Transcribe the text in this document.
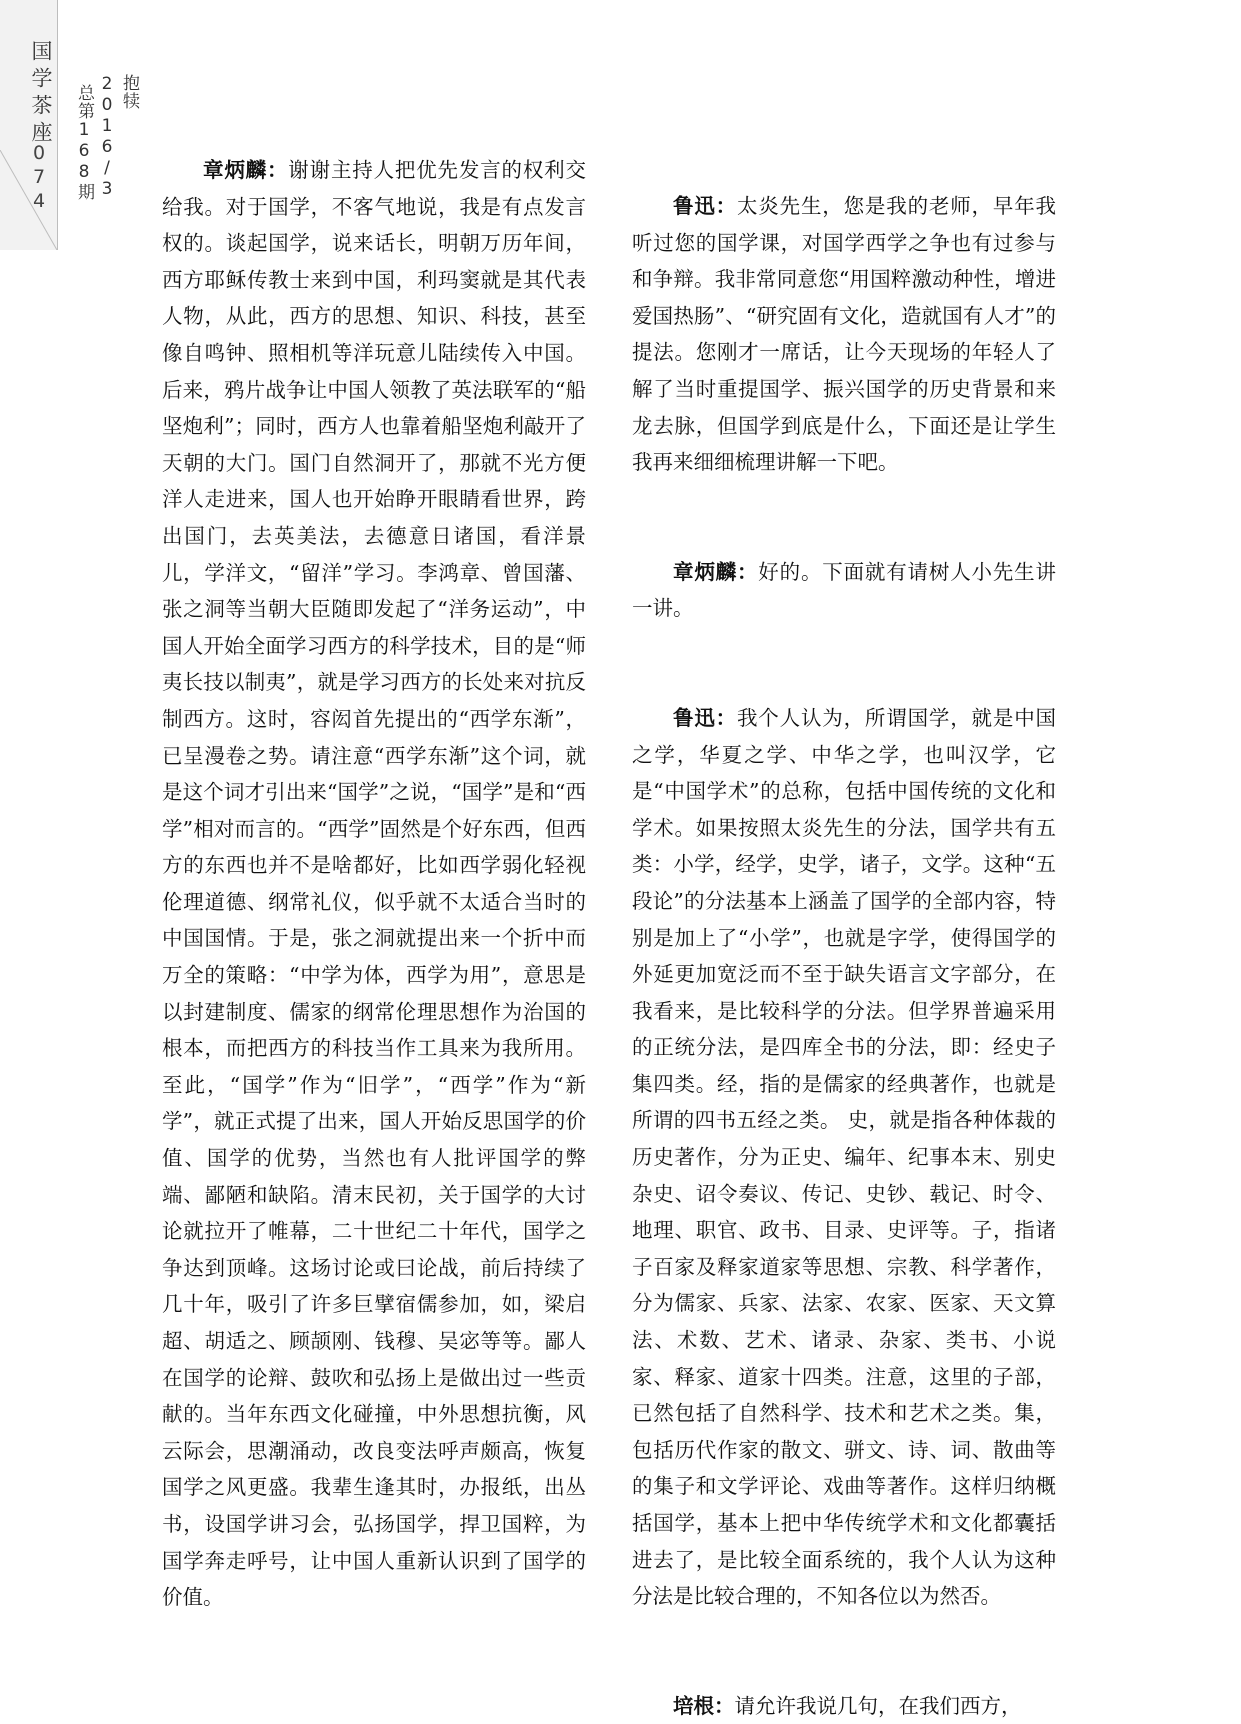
国学茶座
074
抱犊
2016/3
总第168期	章炳麟：谢谢主持人把优先发言的权利交给我。对于国学，不客气地说，我是有点发言权的。谈起国学，说来话长，明朝万历年间，西方耶稣传教士来到中国，利玛窦就是其代表人物，从此，西方的思想、知识、科技，甚至像自鸣钟、照相机等洋玩意儿陆续传入中国。后来，鸦片战争让中国人领教了英法联军的“船坚炮利”；同时，西方人也靠着船坚炮利敲开了天朝的大门。国门自然洞开了，那就不光方便洋人走进来，国人也开始睁开眼睛看世界，跨出国门，去英美法，去德意日诸国，看洋景儿，学洋文，“留洋”学习。李鸿章、曾国藩、张之洞等当朝大臣随即发起了“洋务运动”，中国人开始全面学习西方的科学技术，目的是“师夷长技以制夷”，就是学习西方的长处来对抗反制西方。这时，容闳首先提出的“西学东渐”，已呈漫卷之势。请注意“西学东渐”这个词，就是这个词才引出来“国学”之说，“国学”是和“西学”相对而言的。“西学”固然是个好东西，但西方的东西也并不是啥都好，比如西学弱化轻视伦理道德、纲常礼仪，似乎就不太适合当时的中国国情。于是，张之洞就提出来一个折中而万全的策略：“中学为体，西学为用”，意思是以封建制度、儒家的纲常伦理思想作为治国的根本，而把西方的科技当作工具来为我所用。至此，“国学”作为“旧学”，“西学”作为“新学”，就正式提了出来，国人开始反思国学的价值、国学的优势，当然也有人批评国学的弊端、鄙陋和缺陷。清末民初，关于国学的大讨论就拉开了帷幕，二十世纪二十年代，国学之争达到顶峰。这场讨论或曰论战，前后持续了几十年，吸引了许多巨擘宿儒参加，如，梁启超、胡适之、顾颉刚、钱穆、吴宓等等。鄙人在国学的论辩、鼓吹和弘扬上是做出过一些贡献的。当年东西文化碰撞，中外思想抗衡，风云际会，思潮涌动，改良变法呼声颇高，恢复国学之风更盛。我辈生逢其时，办报纸，出丛书，设国学讲习会，弘扬国学，捍卫国粹，为国学奔走呼号，让中国人重新认识到了国学的价值。

鲁迅：太炎先生，您是我的老师，早年我听过您的国学课，对国学西学之争也有过参与和争辩。我非常同意您“用国粹激动种性，增进爱国热肠”、“研究固有文化，造就国有人才”的提法。您刚才一席话，让今天现场的年轻人了解了当时重提国学、振兴国学的历史背景和来龙去脉，但国学到底是什么，下面还是让学生我再来细细梳理讲解一下吧。

章炳麟：好的。下面就有请树人小先生讲一讲。

鲁迅：我个人认为，所谓国学，就是中国之学，华夏之学、中华之学，也叫汉学，它是“中国学术”的总称，包括中国传统的文化和学术。如果按照太炎先生的分法，国学共有五类：小学，经学，史学，诸子，文学。这种“五段论”的分法基本上涵盖了国学的全部内容，特别是加上了“小学”，也就是字学，使得国学的外延更加宽泛而不至于缺失语言文字部分，在我看来，是比较科学的分法。但学界普遍采用的正统分法，是四库全书的分法，即：经史子集四类。经，指的是儒家的经典著作，也就是所谓的四书五经之类。 史，就是指各种体裁的历史著作，分为正史、编年、纪事本末、别史杂史、诏令奏议、传记、史钞、载记、时令、地理、职官、政书、目录、史评等。子，指诸子百家及释家道家等思想、宗教、科学著作，分为儒家、兵家、法家、农家、医家、天文算法、术数、艺术、诸录、杂家、类书、小说家、释家、道家十四类。注意，这里的子部，已然包括了自然科学、技术和艺术之类。集，包括历代作家的散文、骈文、诗、词、散曲等的集子和文学评论、戏曲等著作。这样归纳概括国学，基本上把中华传统学术和文化都囊括进去了，是比较全面系统的，我个人认为这种分法是比较合理的，不知各位以为然否。

培根：请允许我说几句，在我们西方，
